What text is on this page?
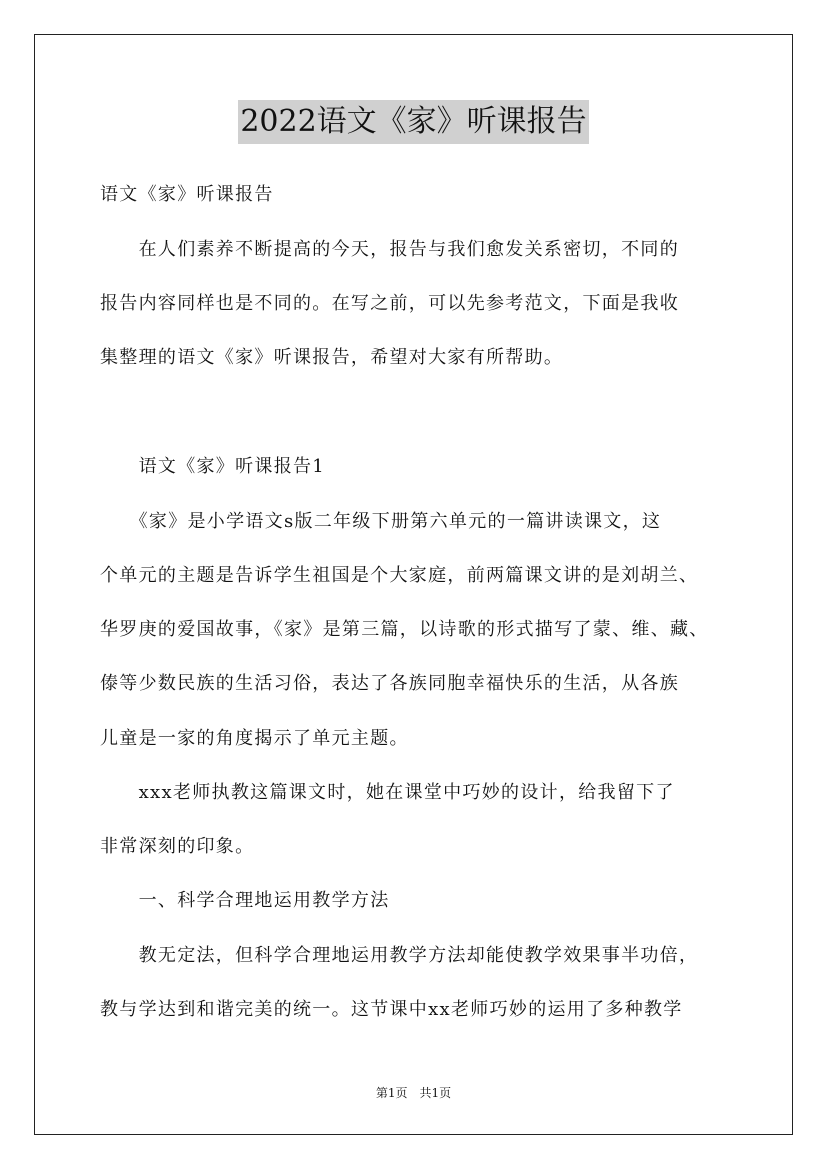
2022语文《家》听课报告

语文《家》听课报告

　　在人们素养不断提高的今天，报告与我们愈发关系密切，不同的

报告内容同样也是不同的。在写之前，可以先参考范文，下面是我收

集整理的语文《家》听课报告，希望对大家有所帮助。

　　语文《家》听课报告1

　　《家》是小学语文s版二年级下册第六单元的一篇讲读课文，这

个单元的主题是告诉学生祖国是个大家庭，前两篇课文讲的是刘胡兰、

华罗庚的爱国故事，《家》是第三篇，以诗歌的形式描写了蒙、维、藏、

傣等少数民族的生活习俗，表达了各族同胞幸福快乐的生活，从各族

儿童是一家的角度揭示了单元主题。

　　xxx老师执教这篇课文时，她在课堂中巧妙的设计，给我留下了

非常深刻的印象。

　　一、科学合理地运用教学方法

　　教无定法，但科学合理地运用教学方法却能使教学效果事半功倍，

教与学达到和谐完美的统一。这节课中xx老师巧妙的运用了多种教学

第1页　共1页
